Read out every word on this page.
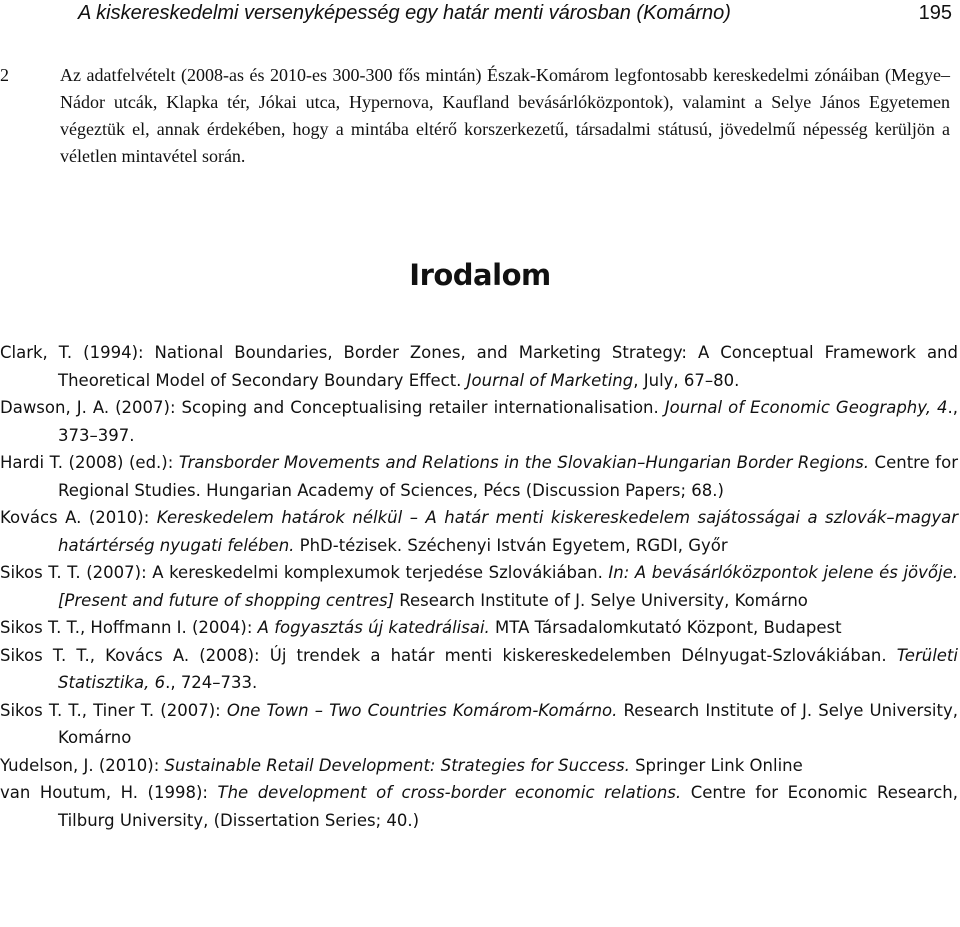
A kiskereskedelmi versenyképesség egy határ menti városban (Komárno)	195
2	Az adatfelvételt (2008-as és 2010-es 300-300 fős mintán) Észak-Komárom legfontosabb kereskedelmi zónáiban (Megye–Nádor utcák, Klapka tér, Jókai utca, Hypernova, Kaufland bevásárlóközpontok), valamint a Selye János Egyetemen végeztük el, annak érdekében, hogy a mintába eltérő korszerkezetű, társadalmi státusú, jövedelmű népesség kerüljön a véletlen mintavétel során.
Irodalom

Clark, T. (1994): National Boundaries, Border Zones, and Marketing Strategy: A Conceptual Framework and Theoretical Model of Secondary Boundary Effect. Journal of Marketing, July, 67–80.

Dawson, J. A. (2007): Scoping and Conceptualising retailer internationalisation. Journal of Economic Geography, 4., 373–397.

Hardi T. (2008) (ed.): Transborder Movements and Relations in the Slovakian–Hungarian Border Regions. Centre for Regional Studies. Hungarian Academy of Sciences, Pécs (Discussion Papers; 68.)

Kovács A. (2010): Kereskedelem határok nélkül – A határ menti kiskereskedelem sajátosságai a szlovák–magyar határtérség nyugati felében. PhD-tézisek. Széchenyi István Egyetem, RGDI, Győr

Sikos T. T. (2007): A kereskedelmi komplexumok terjedése Szlovákiában. In: A bevásárlóközpontok jelene és jövője. [Present and future of shopping centres] Research Institute of J. Selye University, Komárno

Sikos T. T., Hoffmann I. (2004): A fogyasztás új katedrálisai. MTA Társadalomkutató Központ, Budapest

Sikos T. T., Kovács A. (2008): Új trendek a határ menti kiskereskedelemben Délnyugat-Szlovákiában. Területi Statisztika, 6., 724–733.

Sikos T. T., Tiner T. (2007): One Town – Two Countries Komárom-Komárno. Research Institute of J. Selye University, Komárno

Yudelson, J. (2010): Sustainable Retail Development: Strategies for Success. Springer Link Online

van Houtum, H. (1998): The development of cross-border economic relations. Centre for Economic Research, Tilburg University, (Dissertation Series; 40.)
